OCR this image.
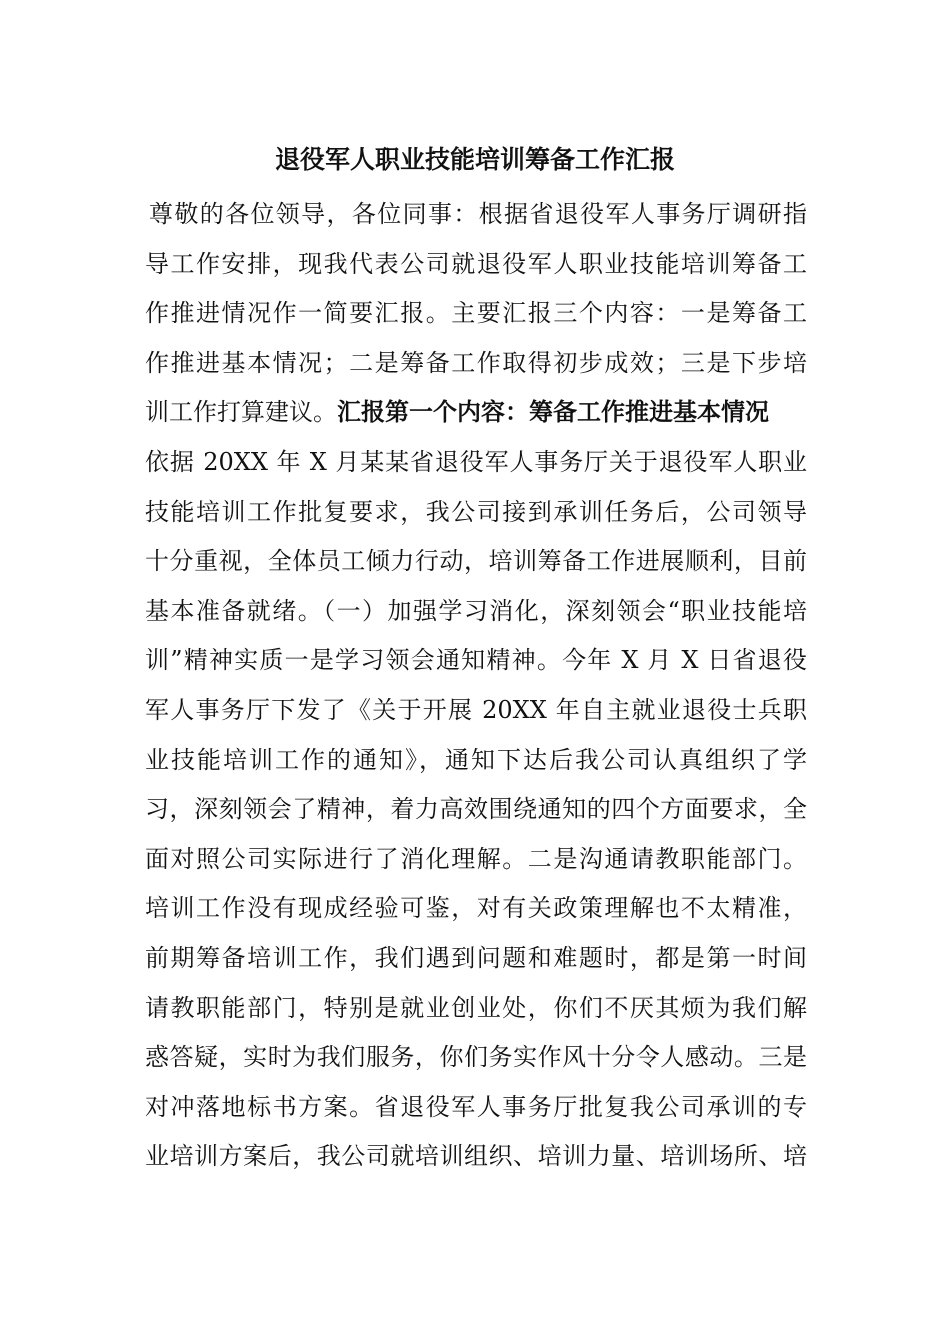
退役军人职业技能培训筹备工作汇报
尊敬的各位领导，各位同事：根据省退役军人事务厅调研指
导工作安排，现我代表公司就退役军人职业技能培训筹备工
作推进情况作一简要汇报。主要汇报三个内容：一是筹备工
作推进基本情况；二是筹备工作取得初步成效；三是下步培
训工作打算建议。汇报第一个内容：筹备工作推进基本情况
依据 20XX 年 X 月某某省退役军人事务厅关于退役军人职业
技能培训工作批复要求，我公司接到承训任务后，公司领导
十分重视，全体员工倾力行动，培训筹备工作进展顺利，目前
基本准备就绪。（一）加强学习消化，深刻领会“职业技能培
训”精神实质一是学习领会通知精神。今年 X 月 X 日省退役
军人事务厅下发了《关于开展 20XX 年自主就业退役士兵职
业技能培训工作的通知》，通知下达后我公司认真组织了学
习，深刻领会了精神，着力高效围绕通知的四个方面要求，全
面对照公司实际进行了消化理解。二是沟通请教职能部门。
培训工作没有现成经验可鉴，对有关政策理解也不太精准，
前期筹备培训工作，我们遇到问题和难题时，都是第一时间
请教职能部门，特别是就业创业处，你们不厌其烦为我们解
惑答疑，实时为我们服务，你们务实作风十分令人感动。三是
对冲落地标书方案。省退役军人事务厅批复我公司承训的专
业培训方案后，我公司就培训组织、培训力量、培训场所、培
